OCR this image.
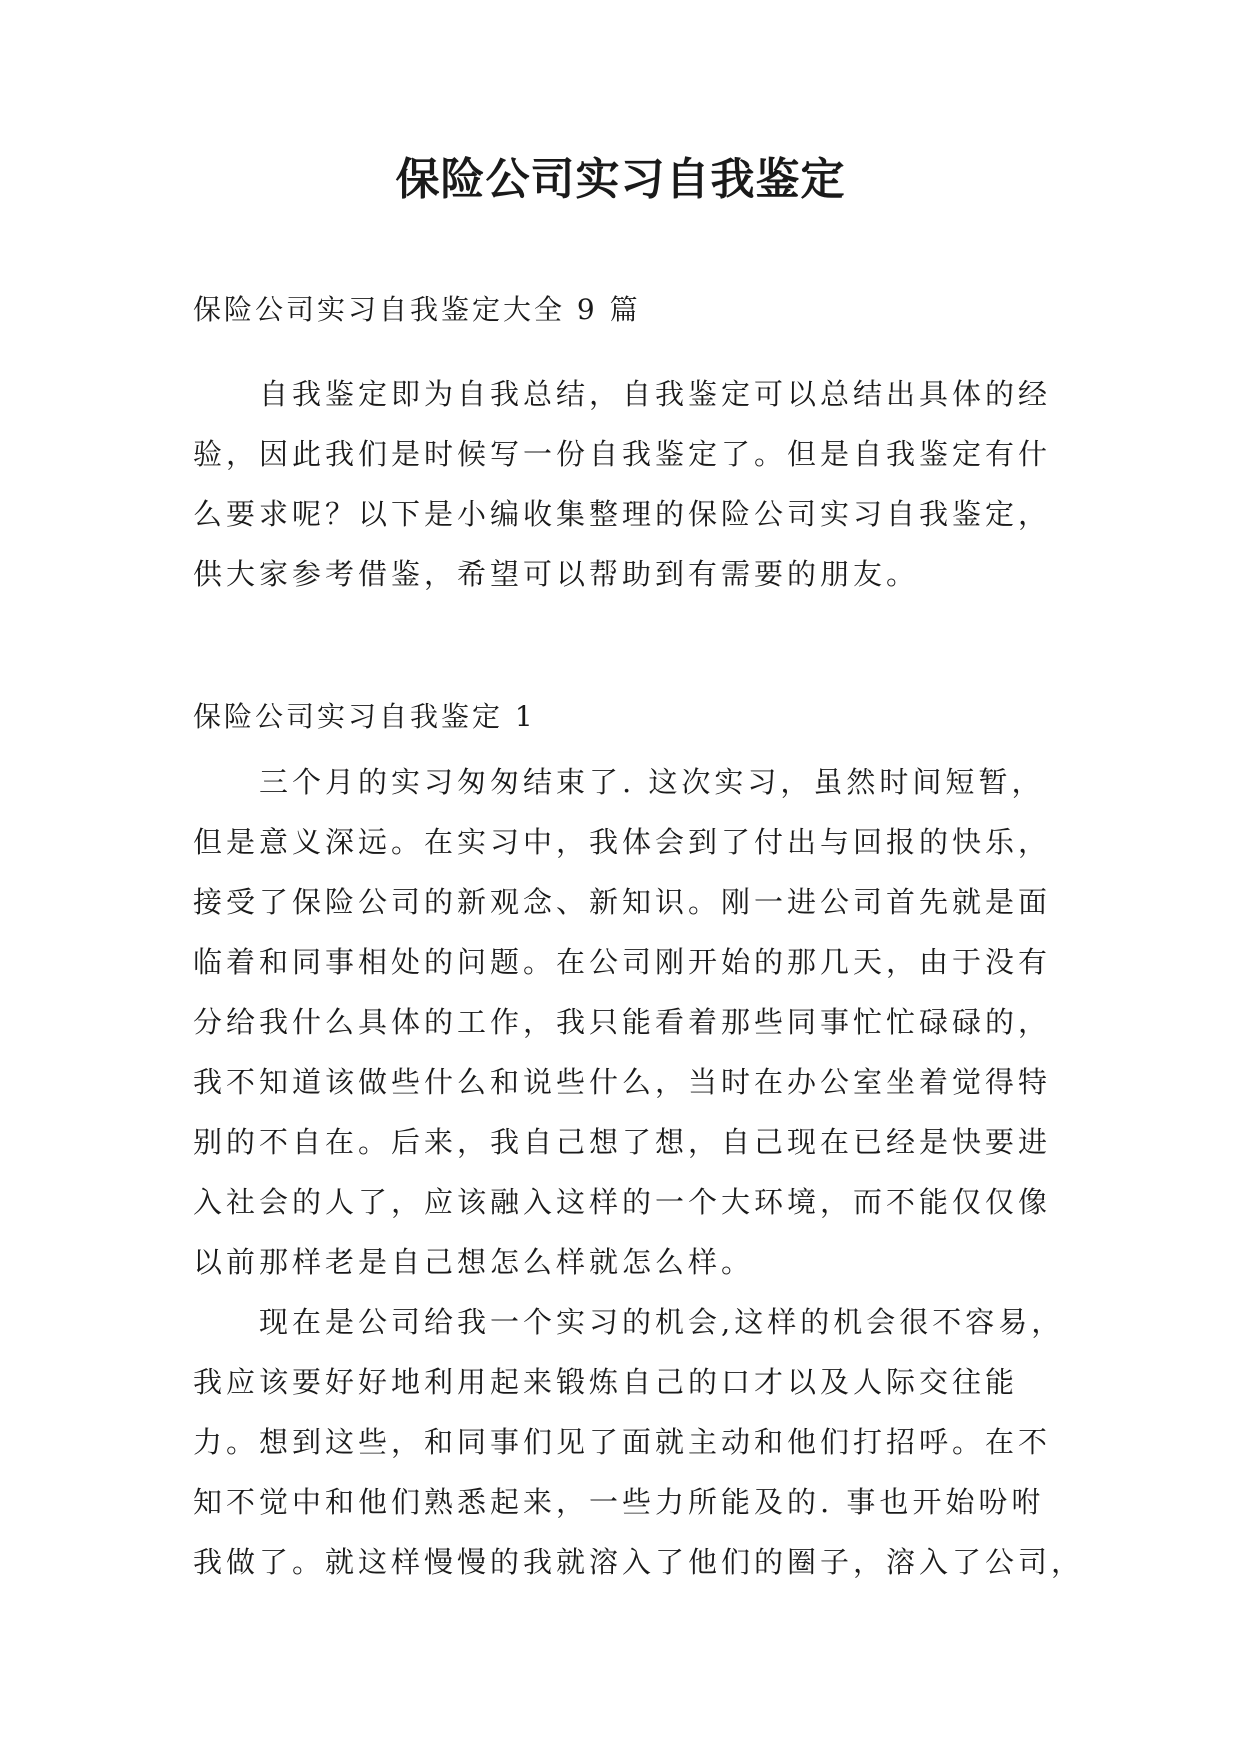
保险公司实习自我鉴定

保险公司实习自我鉴定大全 9 篇

自我鉴定即为自我总结，自我鉴定可以总结出具体的经
验，因此我们是时候写一份自我鉴定了。但是自我鉴定有什
么要求呢？以下是小编收集整理的保险公司实习自我鉴定，
供大家参考借鉴，希望可以帮助到有需要的朋友。

保险公司实习自我鉴定 1

三个月的实习匆匆结束了. 这次实习，虽然时间短暂，
但是意义深远。在实习中，我体会到了付出与回报的快乐，
接受了保险公司的新观念、新知识。刚一进公司首先就是面
临着和同事相处的问题。在公司刚开始的那几天，由于没有
分给我什么具体的工作，我只能看着那些同事忙忙碌碌的，
我不知道该做些什么和说些什么，当时在办公室坐着觉得特
别的不自在。后来，我自己想了想，自己现在已经是快要进
入社会的人了，应该融入这样的一个大环境，而不能仅仅像
以前那样老是自己想怎么样就怎么样。
现在是公司给我一个实习的机会,这样的机会很不容易，
我应该要好好地利用起来锻炼自己的口才以及人际交往能
力。想到这些，和同事们见了面就主动和他们打招呼。在不
知不觉中和他们熟悉起来，一些力所能及的. 事也开始吩咐
我做了。就这样慢慢的我就溶入了他们的圈子，溶入了公司，
